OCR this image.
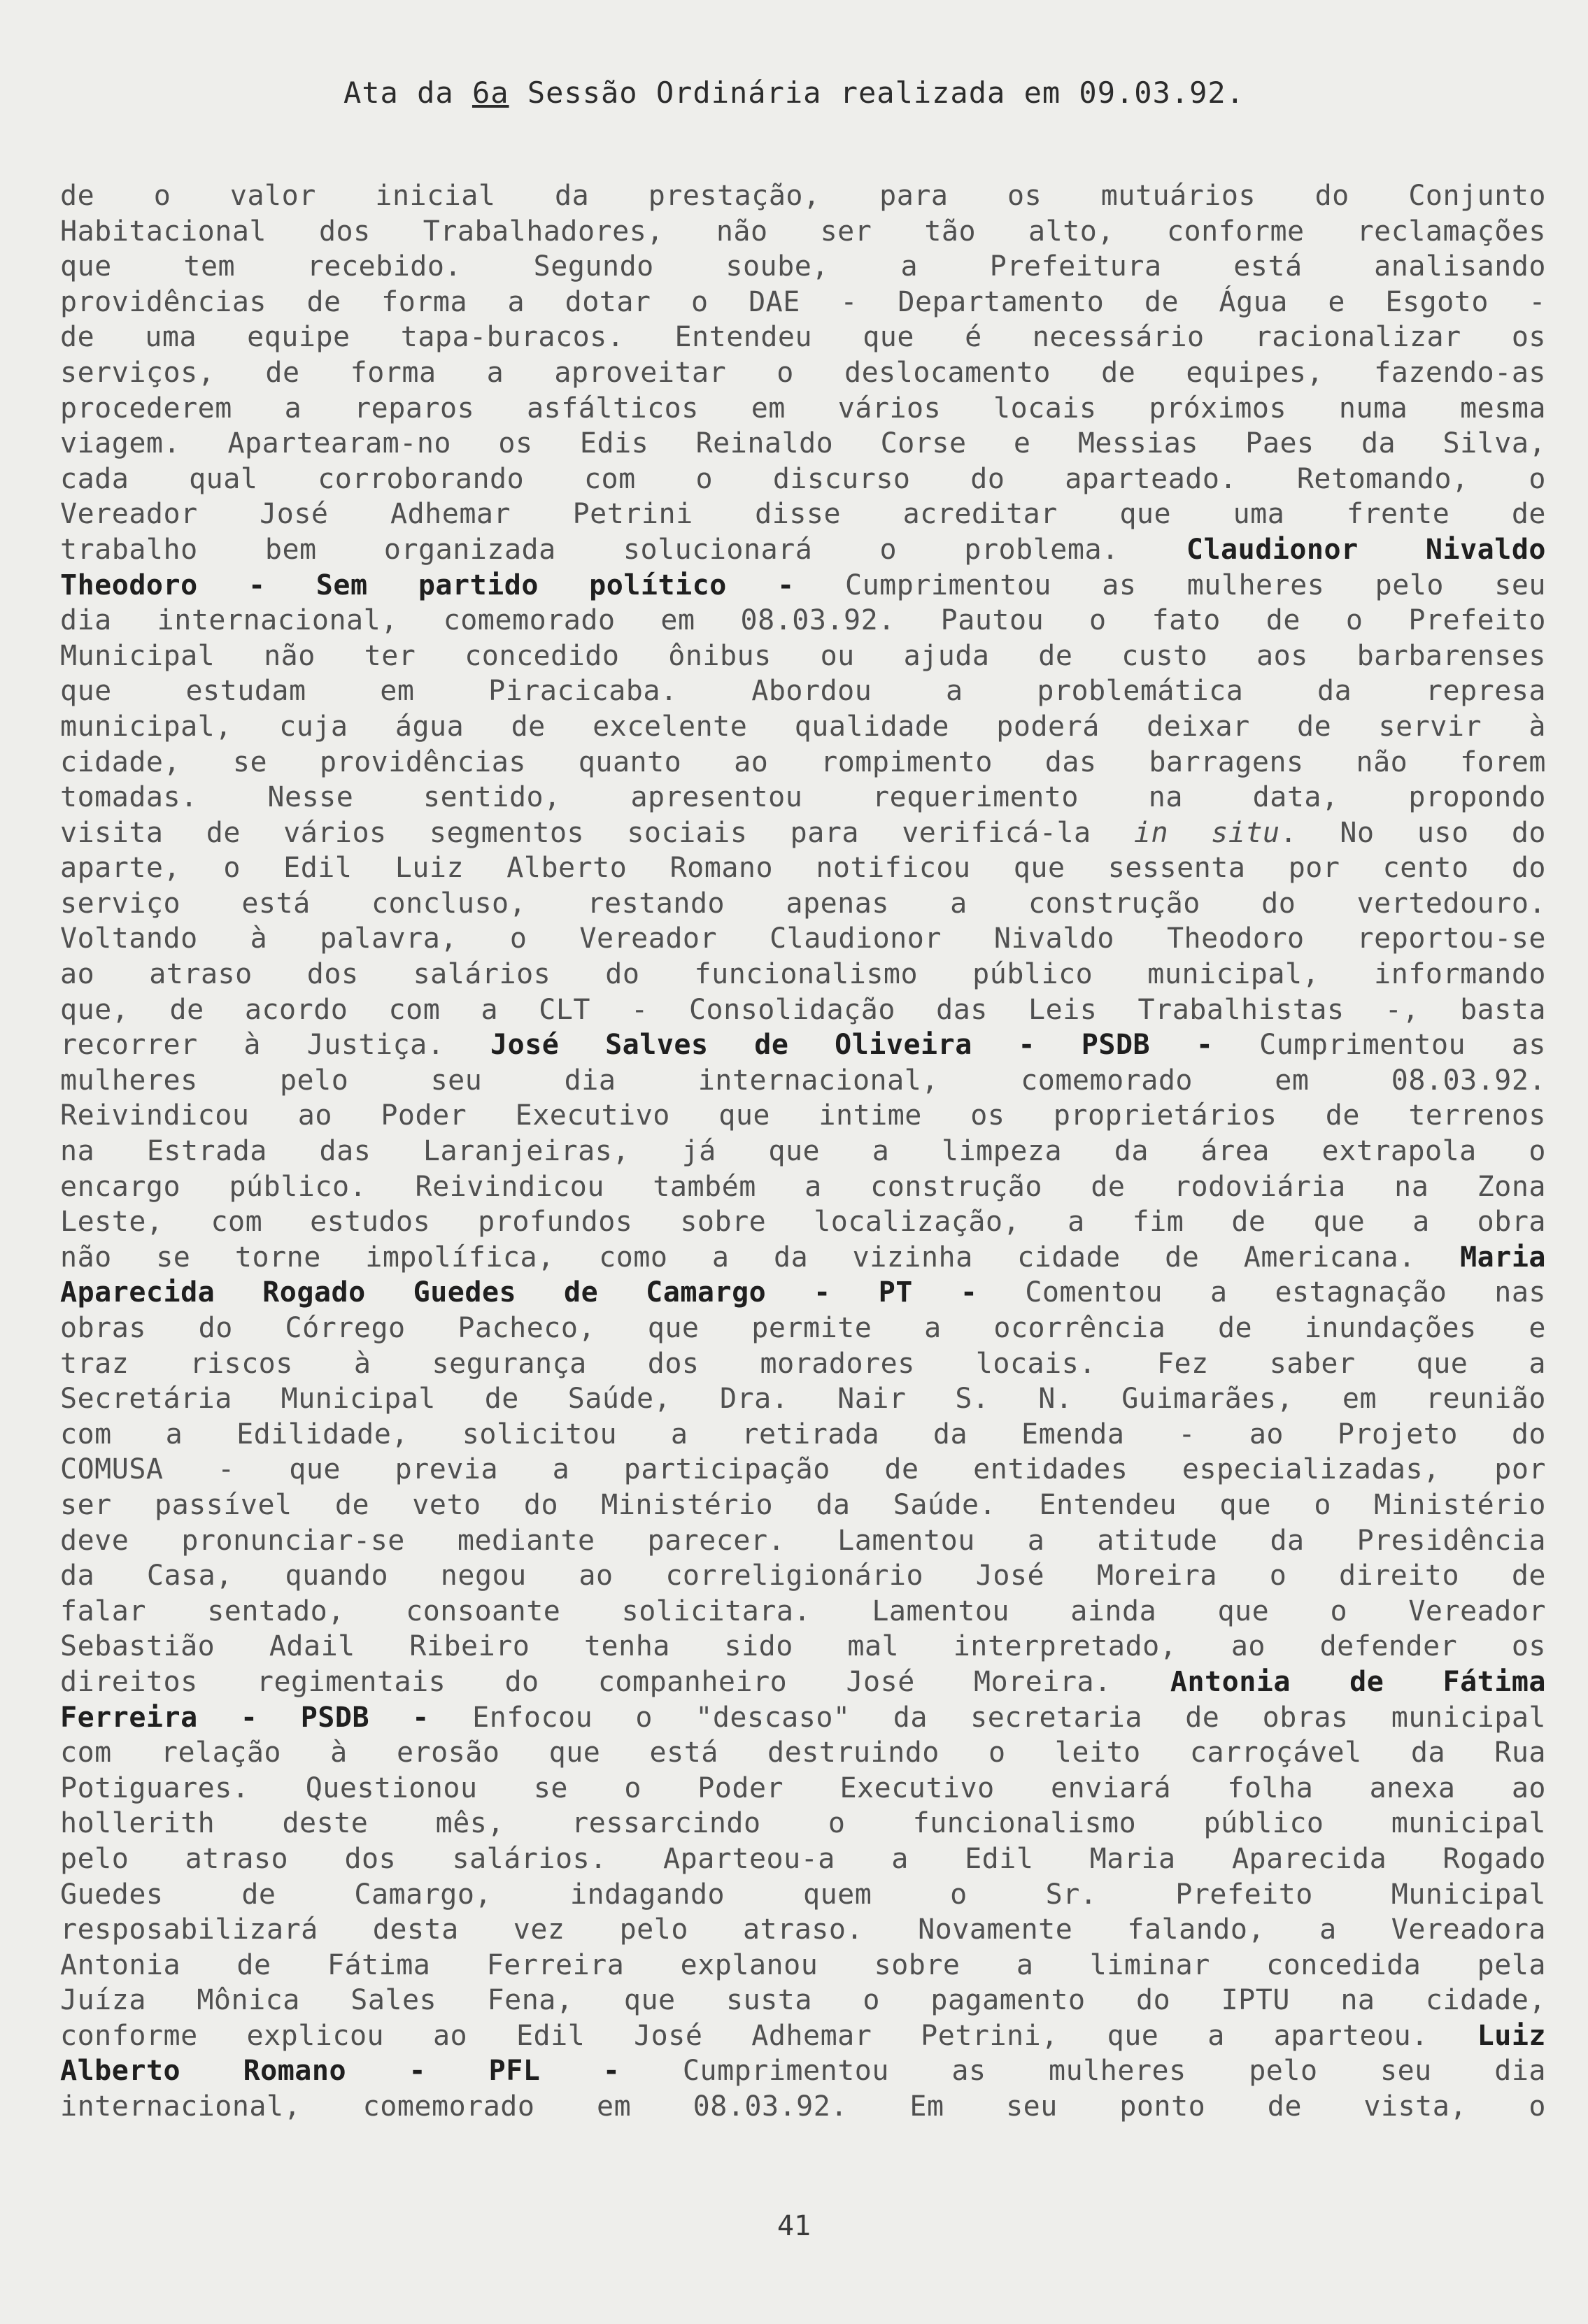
Ata da 6a Sessão Ordinária realizada em 09.03.92.
de o valor inicial da prestação, para os mutuários do Conjunto
Habitacional dos Trabalhadores, não ser tão alto, conforme reclamações
que tem recebido. Segundo soube, a Prefeitura está analisando
providências de forma a dotar o DAE - Departamento de Água e Esgoto -
de uma equipe tapa-buracos. Entendeu que é necessário racionalizar os
serviços, de forma a aproveitar o deslocamento de equipes, fazendo-as
procederem a reparos asfálticos em vários locais próximos numa mesma
viagem. Apartearam-no os Edis Reinaldo Corse e Messias Paes da Silva,
cada qual corroborando com o discurso do aparteado. Retomando, o
Vereador José Adhemar Petrini disse acreditar que uma frente de
trabalho bem organizada solucionará o problema. Claudionor Nivaldo
Theodoro - Sem partido político - Cumprimentou as mulheres pelo seu
dia internacional, comemorado em 08.03.92. Pautou o fato de o Prefeito
Municipal não ter concedido ônibus ou ajuda de custo aos barbarenses
que estudam em Piracicaba. Abordou a problemática da represa
municipal, cuja água de excelente qualidade poderá deixar de servir à
cidade, se providências quanto ao rompimento das barragens não forem
tomadas. Nesse sentido, apresentou requerimento na data, propondo
visita de vários segmentos sociais para verificá-la in situ. No uso do
aparte, o Edil Luiz Alberto Romano notificou que sessenta por cento do
serviço está concluso, restando apenas a construção do vertedouro.
Voltando à palavra, o Vereador Claudionor Nivaldo Theodoro reportou-se
ao atraso dos salários do funcionalismo público municipal, informando
que, de acordo com a CLT - Consolidação das Leis Trabalhistas -, basta
recorrer à Justiça. José Salves de Oliveira - PSDB - Cumprimentou as
mulheres pelo seu dia internacional, comemorado em 08.03.92.
Reivindicou ao Poder Executivo que intime os proprietários de terrenos
na Estrada das Laranjeiras, já que a limpeza da área extrapola o
encargo público. Reivindicou também a construção de rodoviária na Zona
Leste, com estudos profundos sobre localização, a fim de que a obra
não se torne impolífica, como a da vizinha cidade de Americana. Maria
Aparecida Rogado Guedes de Camargo - PT - Comentou a estagnação nas
obras do Córrego Pacheco, que permite a ocorrência de inundações e
traz riscos à segurança dos moradores locais. Fez saber que a
Secretária Municipal de Saúde, Dra. Nair S. N. Guimarães, em reunião
com a Edilidade, solicitou a retirada da Emenda - ao Projeto do
COMUSA - que previa a participação de entidades especializadas, por
ser passível de veto do Ministério da Saúde. Entendeu que o Ministério
deve pronunciar-se mediante parecer. Lamentou a atitude da Presidência
da Casa, quando negou ao correligionário José Moreira o direito de
falar sentado, consoante solicitara. Lamentou ainda que o Vereador
Sebastião Adail Ribeiro tenha sido mal interpretado, ao defender os
direitos regimentais do companheiro José Moreira. Antonia de Fátima
Ferreira - PSDB - Enfocou o "descaso" da secretaria de obras municipal
com relação à erosão que está destruindo o leito carroçável da Rua
Potiguares. Questionou se o Poder Executivo enviará folha anexa ao
hollerith deste mês, ressarcindo o funcionalismo público municipal
pelo atraso dos salários. Aparteou-a a Edil Maria Aparecida Rogado
Guedes de Camargo, indagando quem o Sr. Prefeito Municipal
resposabilizará desta vez pelo atraso. Novamente falando, a Vereadora
Antonia de Fátima Ferreira explanou sobre a liminar concedida pela
Juíza Mônica Sales Fena, que susta o pagamento do IPTU na cidade,
conforme explicou ao Edil José Adhemar Petrini, que a aparteou. Luiz
Alberto Romano - PFL - Cumprimentou as mulheres pelo seu dia
internacional, comemorado em 08.03.92. Em seu ponto de vista, o
41
